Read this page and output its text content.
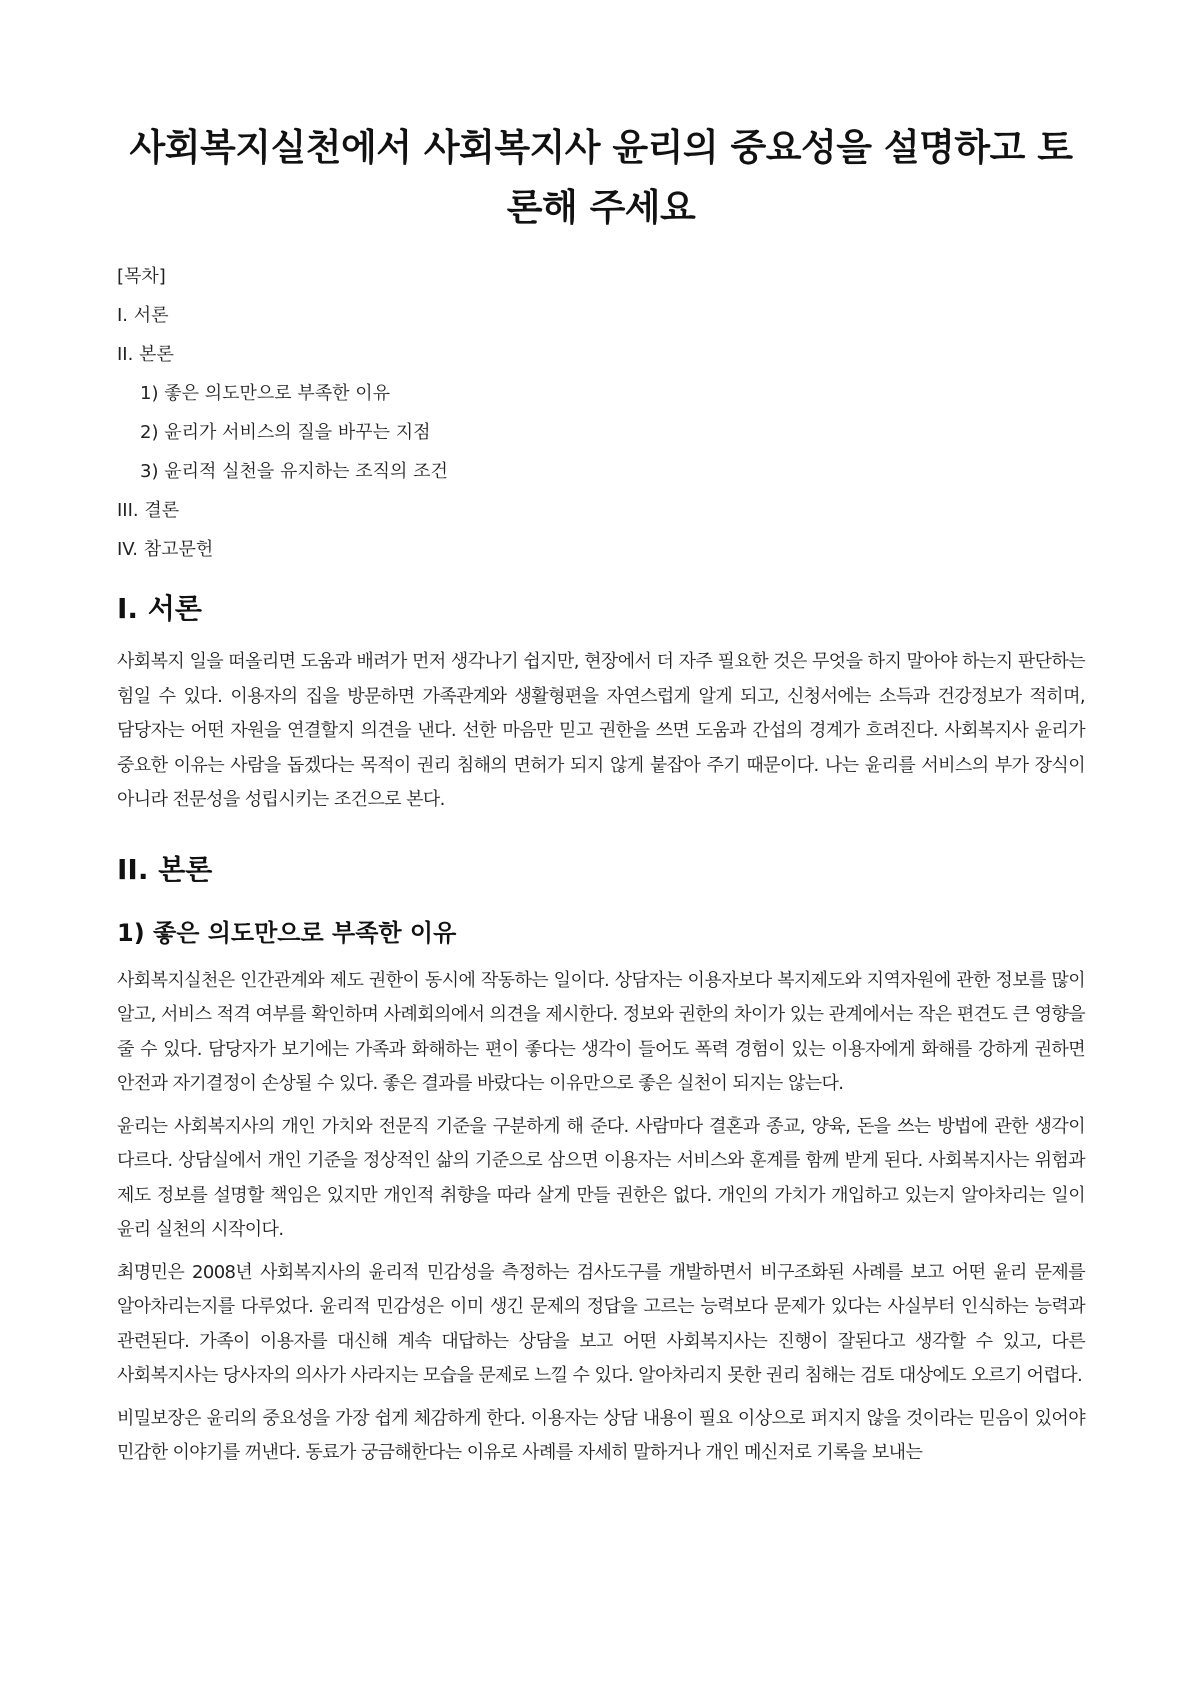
사회복지실천에서 사회복지사 윤리의 중요성을 설명하고 토론해 주세요
[목차]
I. 서론
II. 본론
1) 좋은 의도만으로 부족한 이유
2) 윤리가 서비스의 질을 바꾸는 지점
3) 윤리적 실천을 유지하는 조직의 조건
III. 결론
IV. 참고문헌
I. 서론

사회복지 일을 떠올리면 도움과 배려가 먼저 생각나기 쉽지만, 현장에서 더 자주 필요한 것은 무엇을 하지 말아야 하는지 판단하는 힘일 수 있다. 이용자의 집을 방문하면 가족관계와 생활형편을 자연스럽게 알게 되고, 신청서에는 소득과 건강정보가 적히며, 담당자는 어떤 자원을 연결할지 의견을 낸다. 선한 마음만 믿고 권한을 쓰면 도움과 간섭의 경계가 흐려진다. 사회복지사 윤리가 중요한 이유는 사람을 돕겠다는 목적이 권리 침해의 면허가 되지 않게 붙잡아 주기 때문이다. 나는 윤리를 서비스의 부가 장식이 아니라 전문성을 성립시키는 조건으로 본다.

II. 본론
1) 좋은 의도만으로 부족한 이유

사회복지실천은 인간관계와 제도 권한이 동시에 작동하는 일이다. 상담자는 이용자보다 복지제도와 지역자원에 관한 정보를 많이 알고, 서비스 적격 여부를 확인하며 사례회의에서 의견을 제시한다. 정보와 권한의 차이가 있는 관계에서는 작은 편견도 큰 영향을 줄 수 있다. 담당자가 보기에는 가족과 화해하는 편이 좋다는 생각이 들어도 폭력 경험이 있는 이용자에게 화해를 강하게 권하면 안전과 자기결정이 손상될 수 있다. 좋은 결과를 바랐다는 이유만으로 좋은 실천이 되지는 않는다.

윤리는 사회복지사의 개인 가치와 전문직 기준을 구분하게 해 준다. 사람마다 결혼과 종교, 양육, 돈을 쓰는 방법에 관한 생각이 다르다. 상담실에서 개인 기준을 정상적인 삶의 기준으로 삼으면 이용자는 서비스와 훈계를 함께 받게 된다. 사회복지사는 위험과 제도 정보를 설명할 책임은 있지만 개인적 취향을 따라 살게 만들 권한은 없다. 개인의 가치가 개입하고 있는지 알아차리는 일이 윤리 실천의 시작이다.

최명민은 2008년 사회복지사의 윤리적 민감성을 측정하는 검사도구를 개발하면서 비구조화된 사례를 보고 어떤 윤리 문제를 알아차리는지를 다루었다. 윤리적 민감성은 이미 생긴 문제의 정답을 고르는 능력보다 문제가 있다는 사실부터 인식하는 능력과 관련된다. 가족이 이용자를 대신해 계속 대답하는 상담을 보고 어떤 사회복지사는 진행이 잘된다고 생각할 수 있고, 다른 사회복지사는 당사자의 의사가 사라지는 모습을 문제로 느낄 수 있다. 알아차리지 못한 권리 침해는 검토 대상에도 오르기 어렵다.

비밀보장은 윤리의 중요성을 가장 쉽게 체감하게 한다. 이용자는 상담 내용이 필요 이상으로 퍼지지 않을 것이라는 믿음이 있어야 민감한 이야기를 꺼낸다. 동료가 궁금해한다는 이유로 사례를 자세히 말하거나 개인 메신저로 기록을 보내는
